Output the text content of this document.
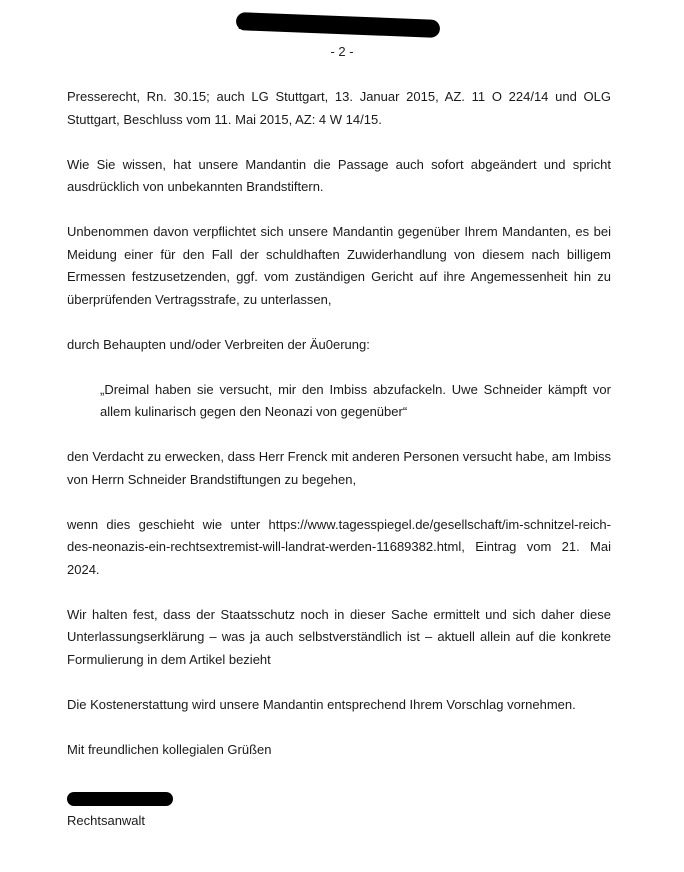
- 2 -

Presserecht, Rn. 30.15; auch LG Stuttgart, 13. Januar 2015, AZ. 11 O 224/14 und OLG Stuttgart, Beschluss vom 11. Mai 2015, AZ: 4 W 14/15.

Wie Sie wissen, hat unsere Mandantin die Passage auch sofort abgeändert und spricht ausdrücklich von unbekannten Brandstiftern.

Unbenommen davon verpflichtet sich unsere Mandantin gegenüber Ihrem Mandanten, es bei Meidung einer für den Fall der schuldhaften Zuwiderhandlung von diesem nach billigem Ermessen festzusetzenden, ggf. vom zuständigen Gericht auf ihre Angemessenheit hin zu überprüfenden Vertragsstrafe, zu unterlassen,

durch Behaupten und/oder Verbreiten der Äu0erung:

„Dreimal haben sie versucht, mir den Imbiss abzufackeln. Uwe Schneider kämpft vor allem kulinarisch gegen den Neonazi von gegenüber“

den Verdacht zu erwecken, dass Herr Frenck mit anderen Personen versucht habe, am Imbiss von Herrn Schneider Brandstiftungen zu begehen,

wenn dies geschieht wie unter https://www.tagesspiegel.de/gesellschaft/im-schnitzel-reich-des-neonazis-ein-rechtsextremist-will-landrat-werden-11689382.html, Eintrag vom 21. Mai 2024.

Wir halten fest, dass der Staatsschutz noch in dieser Sache ermittelt und sich daher diese Unterlassungserklärung – was ja auch selbstverständlich ist – aktuell allein auf die konkrete Formulierung in dem Artikel bezieht

Die Kostenerstattung wird unsere Mandantin entsprechend Ihrem Vorschlag vornehmen.

Mit freundlichen kollegialen Grüßen

Rechtsanwalt
